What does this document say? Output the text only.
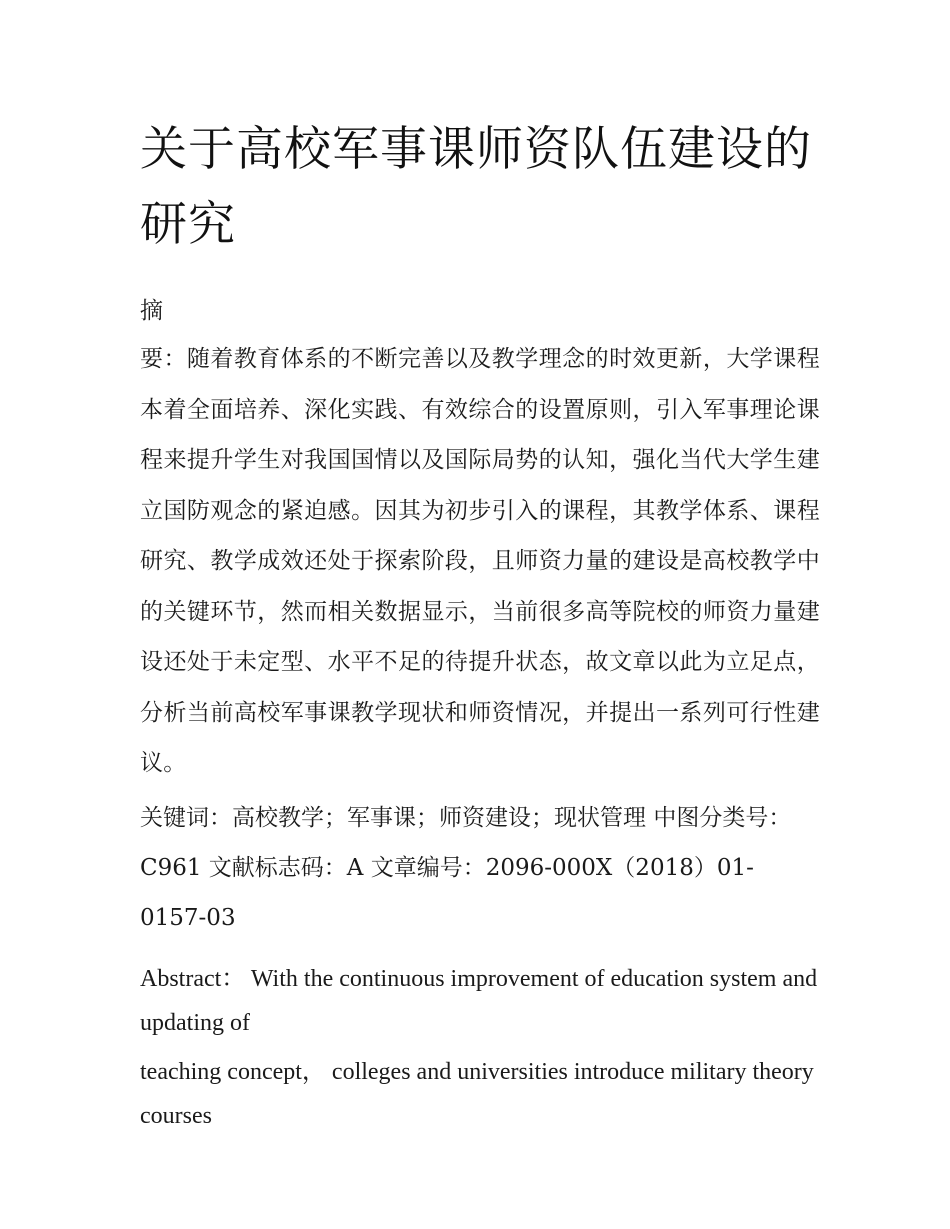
关于高校军事课师资队伍建设的研究
摘
要：随着教育体系的不断完善以及教学理念的时效更新，大学课程本着全面培养、深化实践、有效综合的设置原则，引入军事理论课程来提升学生对我国国情以及国际局势的认知，强化当代大学生建立国防观念的紧迫感。因其为初步引入的课程，其教学体系、课程研究、教学成效还处于探索阶段，且师资力量的建设是高校教学中的关键环节，然而相关数据显示，当前很多高等院校的师资力量建设还处于未定型、水平不足的待提升状态，故文章以此为立足点，分析当前高校军事课教学现状和师资情况，并提出一系列可行性建议。
关键词：高校教学；军事课；师资建设；现状管理 中图分类号：C961 文献标志码：A 文章编号：2096-000X（2018）01-0157-03

Abstract： With the continuous improvement of education system and updating of

teaching concept， colleges and universities introduce military theory courses
